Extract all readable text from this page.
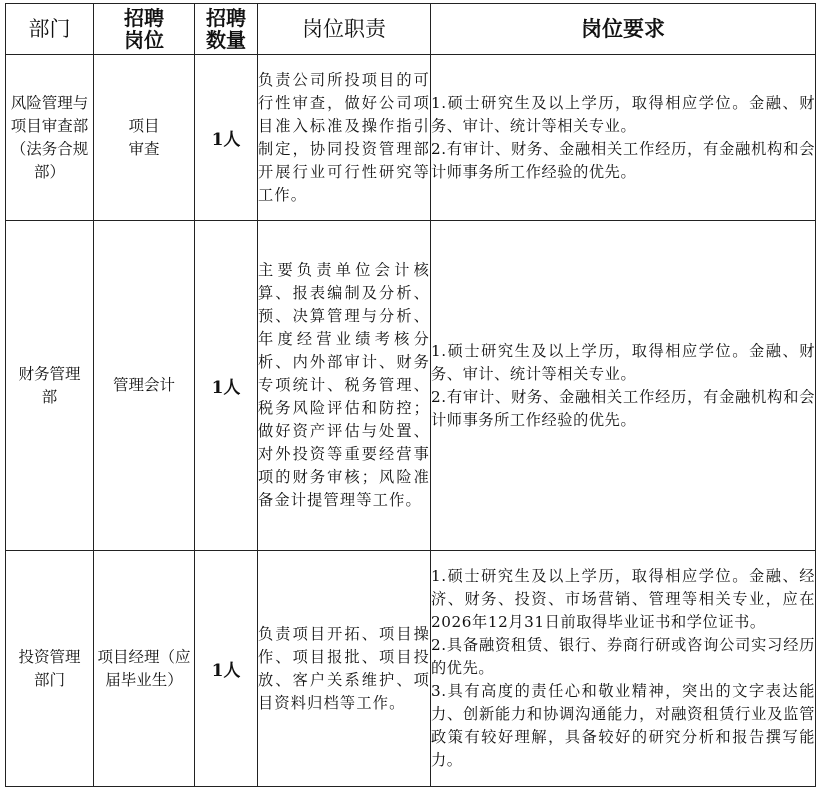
部门	招聘岗位	招聘数量	岗位职责	岗位要求
风险管理与项目审查部（法务合规部）	项目审查	1人	负责公司所投项目的可行性审查，做好公司项目准入标准及操作指引制定，协同投资管理部开展行业可行性研究等工作。	1.硕士研究生及以上学历，取得相应学位。金融、财务、审计、统计等相关专业。
2.有审计、财务、金融相关工作经历，有金融机构和会计师事务所工作经验的优先。

财务管理部	管理会计	1人	主要负责单位会计核算、报表编制及分析、预、决算管理与分析、年度经营业绩考核分析、内外部审计、财务专项统计、税务管理、税务风险评估和防控；做好资产评估与处置、对外投资等重要经营事项的财务审核；风险准备金计提管理等工作。	1.硕士研究生及以上学历，取得相应学位。金融、财务、审计、统计等相关专业。
2.有审计、财务、金融相关工作经历，有金融机构和会计师事务所工作经验的优先。

投资管理部门	项目经理（应届毕业生）	1人	负责项目开拓、项目操作、项目报批、项目投放、客户关系维护、项目资料归档等工作。	1.硕士研究生及以上学历，取得相应学位。金融、经济、财务、投资、市场营销、管理等相关专业，应在2026年12月31日前取得毕业证书和学位证书。
2.具备融资租赁、银行、券商行研或咨询公司实习经历的优先。
3.具有高度的责任心和敬业精神，突出的文字表达能力、创新能力和协调沟通能力，对融资租赁行业及监管政策有较好理解，具备较好的研究分析和报告撰写能力。
